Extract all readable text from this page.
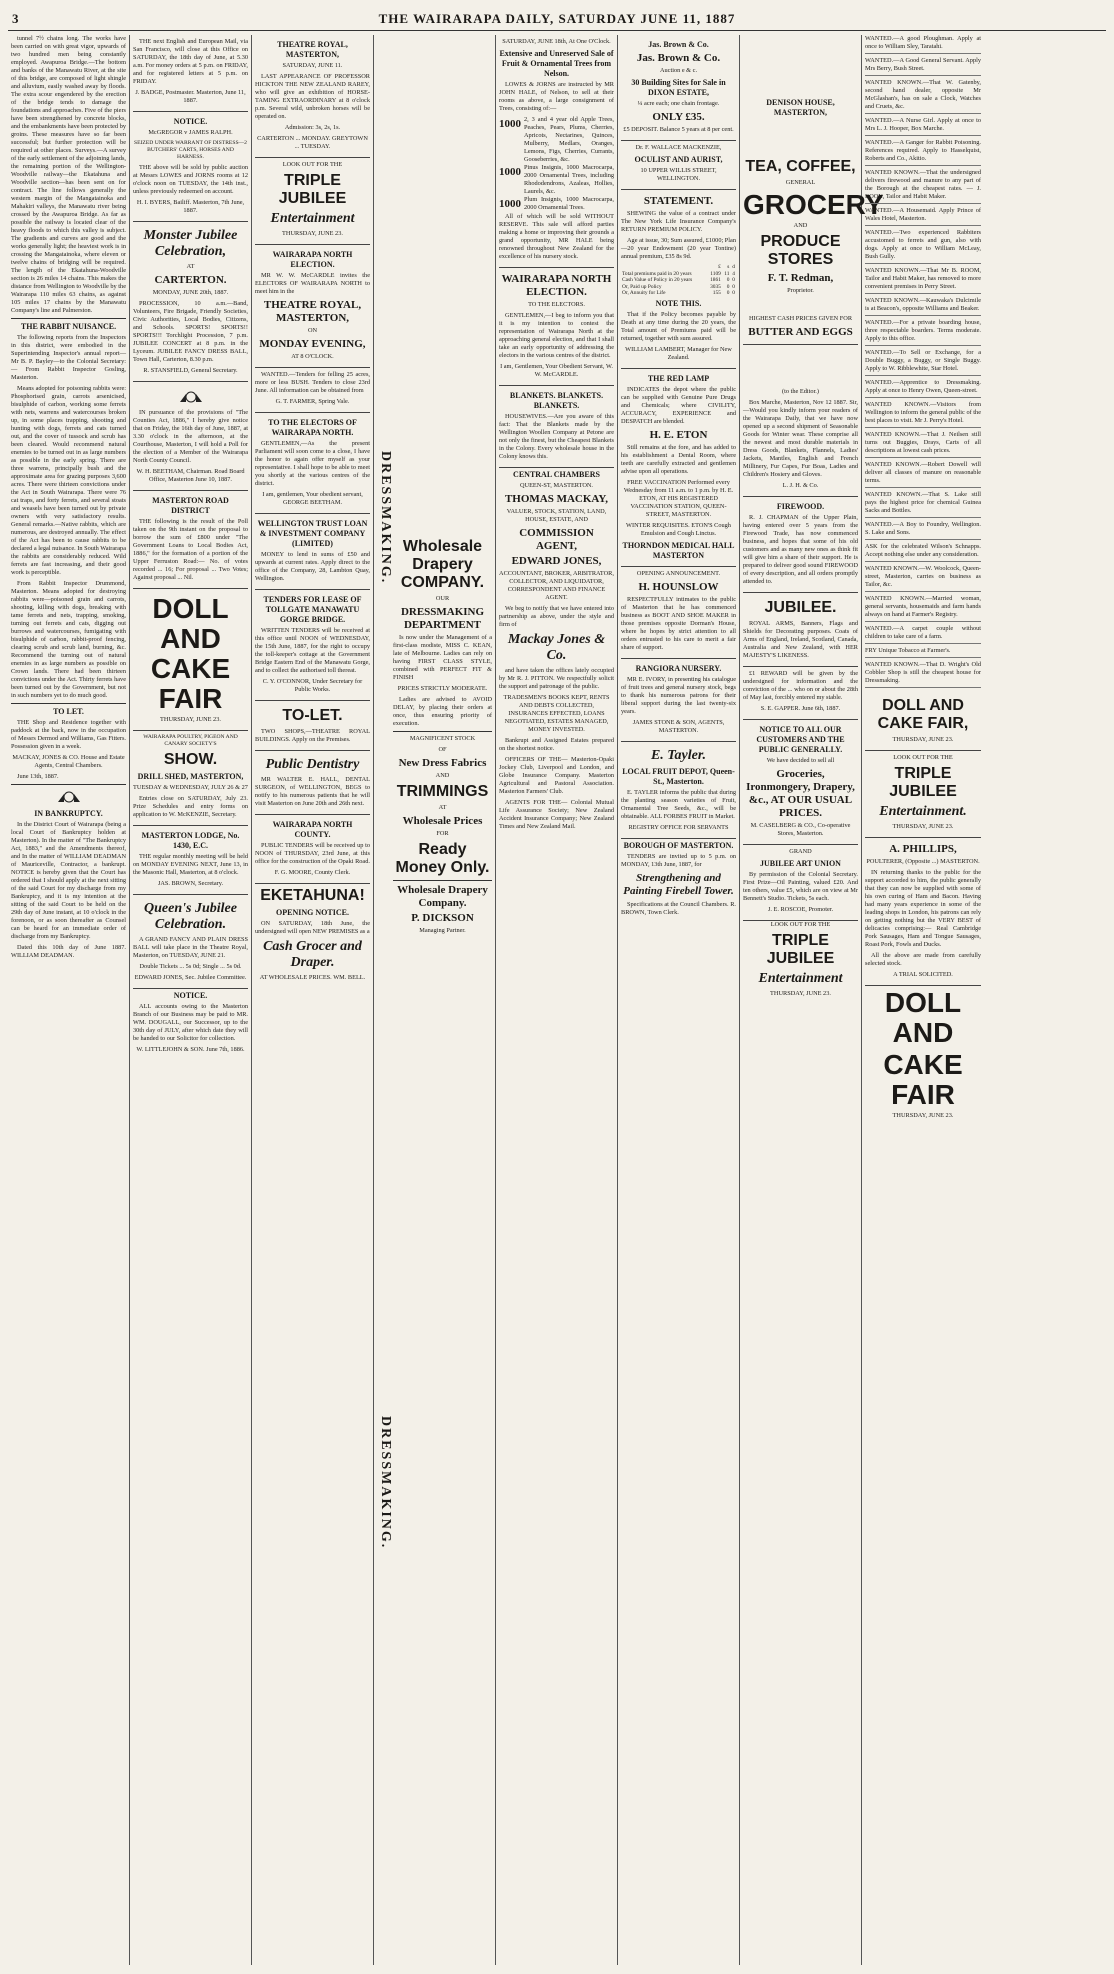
3	THE WAIRARAPA DAILY, SATURDAY JUNE 11, 1887

tunnel 7½ chains long. The works have been carried on with great vigor, upwards of two hundred men being constantly employed. Awapuroa Bridge.—The bottom and banks of the Manawatu River, at the site of this bridge, are composed of light shingle and alluvium, easily washed away by floods. The extra scour engendered by the erection of the bridge tends to damage the foundations and approaches. Five of the piers have been strengthened by concrete blocks, and the embankments have been protected by groins. These measures have so far been successful; but further protection will be required at other places. Surveys.—A survey of the early settlement of the adjoining lands, the remaining portion of the Wellington-Woodville railway—the Ekatahuna and Woodville section—has been sent on for contract. The line follows generally the western margin of the Mangatainoka and Mahakiri valleys, the Manawatu river being crossed by the Awapuroa Bridge. As far as possible the railway is located clear of the heavy floods to which this valley is subject. The gradients and curves are good and the works generally light; the heaviest work is in crossing the Mangatainoka, where eleven or twelve chains of bridging will be required. The length of the Ekatahuna-Woodville section is 26 miles 14 chains. This makes the distance from Wellington to Woodville by the Wairarapa 110 miles 63 chains, as against 105 miles 17 chains by the Manawatu Company's line and Palmerston.

THE RABBIT NUISANCE.

The following reports from the Inspectors in this district, were embodied in the Superintending Inspector's annual report—Mr B. P. Bayley—to the Colonial Secretary:— From Rabbit Inspector Gosling, Masterton.

Means adopted for poisoning rabbits were: Phosphorised grain, carrots arsenicised, bisulphide of carbon, working some ferrets with nets, warrens and watercourses broken up, in some places trapping, shooting and hunting with dogs, ferrets and cats turned out, and the cover of tussock and scrub has been cleared. Would recommend natural enemies to be turned out in as large numbers as possible in the early spring. There are three warrens, principally bush and the approximate area for grazing purposes 3,600 acres. There were thirteen convictions under the Act in South Wairarapa. There were 76 cat traps, and forty ferrets, and several stoats and weasels have been turned out by private owners with very satisfactory results. General remarks.—Native rabbits, which are numerous, are destroyed annually. The effect of the Act has been to cause rabbits to be declared a legal nuisance. In South Wairarapa the rabbits are considerably reduced. Wild ferrets are fast increasing, and their good work is perceptible.

From Rabbit Inspector Drummond, Masterton. Means adopted for destroying rabbits were—poisoned grain and carrots, shooting, killing with dogs, breaking with tame ferrets and nets, trapping, smoking, turning out ferrets and cats, digging out burrows and watercourses, fumigating with bisulphide of carbon, rabbit-proof fencing, clearing scrub and scrub land, burning, &c. Recommend the turning out of natural enemies in as large numbers as possible on Crown lands. There had been thirteen convictions under the Act. Thirty ferrets have been turned out by the Government, but not in such numbers yet to do much good.

TO LET.

THE Shop and Residence together with paddock at the back, now in the occupation of Messrs Dermod and Williams, Gas Fitters. Possession given in a week.

MACKAY, JONES & CO. House and Estate Agents, Central Chambers.

June 13th, 1887.

IN BANKRUPTCY.

In the District Court of Wairarapa (being a local Court of Bankruptcy holden at Masterton). In the matter of "The Bankruptcy Act, 1883," and the Amendments thereof, and In the matter of WILLIAM DEADMAN of Mauriceville, Contractor, a bankrupt. NOTICE is hereby given that the Court has ordered that I should apply at the next sitting of the said Court for my discharge from my Bankruptcy, and it is my intention at the sitting of the said Court to be held on the 29th day of June instant, at 10 o'clock in the forenoon, or as soon thereafter as Counsel can be heard for an immediate order of discharge from my Bankruptcy.

Dated this 10th day of June 1887. WILLIAM DEADMAN.

THE next English and European Mail, via San Francisco, will close at this Office on SATURDAY, the 18th day of June, at 5.30 a.m. For money orders at 5 p.m. on FRIDAY, and for registered letters at 5 p.m. on FRIDAY.

J. BADGE, Postmaster. Masterton, June 11, 1887.

NOTICE.

McGREGOR v JAMES RALPH.

SEIZED UNDER WARRANT OF DISTRESS—2 BUTCHERS' CARTS, HORSES AND HARNESS.

THE above will be sold by public auction at Messrs LOWES and JORNS rooms at 12 o'clock noon on TUESDAY, the 14th inst., unless previously redeemed on account.

H. I. BYERS, Bailiff. Masterton, 7th June, 1887.

Monster Jubilee Celebration,

AT

CARTERTON.

MONDAY, JUNE 20th, 1887.

PROCESSION, 10 a.m.—Band, Volunteers, Fire Brigade, Friendly Societies, Civic Authorities, Local Bodies, Citizens, and Schools. SPORTS! SPORTS!! SPORTS!!! Torchlight Procession, 7 p.m. JUBILEE CONCERT at 8 p.m. in the Lyceum. JUBILEE FANCY DRESS BALL, Town Hall, Carterton, 8.30 p.m.

R. STANSFIELD, General Secretary.

IN pursuance of the provisions of "The Counties Act, 1886," I hereby give notice that on Friday, the 16th day of June, 1887, at 3.30 o'clock in the afternoon, at the Courthouse, Masterton, I will hold a Poll for the election of a Member of the Wairarapa North County Council.

W. H. BEETHAM, Chairman. Road Board Office, Masterton June 10, 1887.

MASTERTON ROAD DISTRICT

THE following is the result of the Poll taken on the 9th instant on the proposal to borrow the sum of £800 under "The Government Loans to Local Bodies Act, 1886," for the formation of a portion of the Upper Ferruston Road:— No. of votes recorded ... 16; For proposal ... Two Votes; Against proposal ... Nil.

DOLL AND CAKE FAIR

THURSDAY, JUNE 23.

WAIRARAPA POULTRY, PIGEON AND CANARY SOCIETY'S

SHOW.
DRILL SHED, MASTERTON,

TUESDAY & WEDNESDAY, JULY 26 & 27

Entries close on SATURDAY, July 23. Prize Schedules and entry forms on application to W. McKENZIE, Secretary.

MASTERTON LODGE, No. 1430, E.C.

THE regular monthly meeting will be held on MONDAY EVENING NEXT, June 13, in the Masonic Hall, Masterton, at 8 o'clock.

JAS. BROWN, Secretary.

Queen's Jubilee Celebration.

A GRAND FANCY AND PLAIN DRESS BALL will take place in the Theatre Royal, Masterton, on TUESDAY, JUNE 21.

Double Tickets ... 5s 0d; Single ... 5s 0d.

EDWARD JONES, Sec. Jubilee Committee.

NOTICE.

ALL accounts owing to the Masterton Branch of our Business may be paid to MR. WM. DOUGALL, our Successor, up to the 30th day of JULY, after which date they will be handed to our Solicitor for collection.

W. LITTLEJOHN & SON. June 7th, 1886.

THEATRE ROYAL, MASTERTON,

SATURDAY, JUNE 11.

LAST APPEARANCE OF PROFESSOR HICKTON THE NEW ZEALAND RAREY, who will give an exhibition of HORSE-TAMING EXTRAORDINARY at 8 o'clock p.m. Several wild, unbroken horses will be operated on.

Admission: 3s, 2s, 1s.

CARTERTON ... MONDAY. GREYTOWN ... TUESDAY.

LOOK OUT FOR THE

TRIPLE JUBILEE
Entertainment

THURSDAY, JUNE 23.

WAIRARAPA NORTH ELECTION.

MR W. W. McCARDLE invites the ELECTORS OF WAIRARAPA NORTH to meet him in the

THEATRE ROYAL, MASTERTON,

ON

MONDAY EVENING,

AT 8 O'CLOCK.

WANTED.—Tenders for felling 25 acres, more or less BUSH. Tenders to close 23rd June. All information can be obtained from

G. T. FARMER, Spring Vale.

TO THE ELECTORS OF WAIRARAPA NORTH.

GENTLEMEN,—As the present Parliament will soon come to a close, I have the honor to again offer myself as your representative. I shall hope to be able to meet you shortly at the various centres of the district.

I am, gentlemen, Your obedient servant, GEORGE BEETHAM.

WELLINGTON TRUST LOAN & INVESTMENT COMPANY (LIMITED)

MONEY to lend in sums of £50 and upwards at current rates. Apply direct to the office of the Company, 28, Lambton Quay, Wellington.

TENDERS FOR LEASE OF TOLLGATE MANAWATU GORGE BRIDGE.

WRITTEN TENDERS will be received at this office until NOON of WEDNESDAY, the 15th June, 1887, for the right to occupy the toll-keeper's cottage at the Government Bridge Eastern End of the Manawatu Gorge, and to collect the authorised toll thereat.

C. Y. O'CONNOR, Under Secretary for Public Works.

TO-LET.

TWO SHOPS,—THEATRE ROYAL BUILDINGS. Apply on the Premises.

Public Dentistry

MR WALTER E. HALL, DENTAL SURGEON, of WELLINGTON, BEGS to notify to his numerous patients that he will visit Masterton on June 20th and 26th next.

WAIRARAPA NORTH COUNTY.

PUBLIC TENDERS will be received up to NOON of THURSDAY, 23rd June, at this office for the construction of the Opaki Road.

F. G. MOORE, County Clerk.

EKETAHUNA!
OPENING NOTICE.

ON SATURDAY, 18th June, the undersigned will open NEW PREMISES as a

Cash Grocer and Draper.

AT WHOLESALE PRICES. WM. BELL.

DRESSMAKING.
DRESSMAKING.
Wholesale Drapery COMPANY.

OUR

DRESSMAKING DEPARTMENT

Is now under the Management of a first-class modiste, MISS C. KEAN, late of Melbourne. Ladies can rely on having FIRST CLASS STYLE, combined with PERFECT FIT & FINISH

PRICES STRICTLY MODERATE.

Ladies are advised to AVOID DELAY, by placing their orders at once, thus ensuring priority of execution.

MAGNIFICENT STOCK

OF

New Dress Fabrics

AND

TRIMMINGS

AT

Wholesale Prices

FOR

Ready Money Only.
Wholesale Drapery Company.
P. DICKSON

Managing Partner.

SATURDAY, JUNE 18th, At One O'Clock.

Extensive and Unreserved Sale of Fruit & Ornamental Trees from Nelson.

LOWES & JORNS are instructed by MR JOHN HALE, of Nelson, to sell at their rooms as above, a large consignment of Trees, consisting of:—

1000 2, 3 and 4 year old Apple Trees, Peaches, Pears, Plums, Cherries, Apricots, Nectarines, Quinces, Mulberry, Medlars, Oranges, Lemons, Figs, Cherries, Currants, Gooseberries, &c.
1000 Pinus Insignis, 1000 Macrocarpa, 2000 Ornamental Trees, including Rhododendrons, Azaleas, Hollies, Laurels, &c.
1000 Plum Insignis, 1000 Macrocarpa, 2000 Ornamental Trees.

All of which will be sold WITHOUT RESERVE. This sale will afford parties making a home or improving their grounds a grand opportunity, MR HALE being renowned throughout New Zealand for the excellence of his nursery stock.

WAIRARAPA NORTH ELECTION.

TO THE ELECTORS.

GENTLEMEN,—I beg to inform you that it is my intention to contest the representation of Wairarapa North at the approaching general election, and that I shall take an early opportunity of addressing the electors in the various centres of the district.

I am, Gentlemen, Your Obedient Servant, W. W. McCARDLE.

BLANKETS. BLANKETS. BLANKETS.

HOUSEWIVES.—Are you aware of this fact: That the Blankets made by the Wellington Woollen Company at Petone are not only the finest, but the Cheapest Blankets in the Colony. Every wholesale house in the Colony knows this.

CENTRAL CHAMBERS

QUEEN-ST, MASTERTON.

THOMAS MACKAY,

VALUER, STOCK, STATION, LAND, HOUSE, ESTATE, AND

COMMISSION AGENT,
EDWARD JONES,

ACCOUNTANT, BROKER, ARBITRATOR, COLLECTOR, AND LIQUIDATOR, CORRESPONDENT AND FINANCE AGENT.

We beg to notify that we have entered into partnership as above, under the style and firm of

Mackay Jones & Co.

and have taken the offices lately occupied by Mr R. J. PITTON. We respectfully solicit the support and patronage of the public.

TRADESMEN'S BOOKS KEPT, RENTS AND DEBTS COLLECTED, INSURANCES EFFECTED, LOANS NEGOTIATED, ESTATES MANAGED, MONEY INVESTED.

Bankrupt and Assigned Estates prepared on the shortest notice.

OFFICERS OF THE— Masterton-Opaki Jockey Club, Liverpool and London, and Globe Insurance Company. Masterton Agricultural and Pastoral Association. Masterton Farmers' Club.

AGENTS FOR THE— Colonial Mutual Life Assurance Society; New Zealand Accident Insurance Company; New Zealand Times and New Zealand Mail.

Jas. Brown & Co.
Jas. Brown & Co.

Auction e & c.

30 Building Sites for Sale in DIXON ESTATE,

¼ acre each; one chain frontage.

ONLY £35.

£5 DEPOSIT. Balance 5 years at 8 per cent.

Dr. F. WALLACE MACKENZIE,

OCULIST AND AURIST,

10 UPPER WILLIS STREET, WELLINGTON.

STATEMENT.

SHEWING the value of a contract under The New York Life Insurance Company's RETURN PREMIUM POLICY.

Age at issue, 30; Sum assured, £1000; Plan—20 year Endowment (20 year Tontine) annual premium, £35 8s 9d.

	£	s	d
Total premiums paid in 20 years	1109	11	4
Cash Value of Policy in 20 years	1861	0	0
Or, Paid up Policy	3035	0	0
Or, Annuity for Life	155	0	0
NOTE THIS.

That if the Policy becomes payable by Death at any time during the 20 years, the Total amount of Premiums paid will be returned, together with sum assured.

WILLIAM LAMBERT, Manager for New Zealand.

THE RED LAMP

INDICATES the depot where the public can be supplied with Genuine Pure Drugs and Chemicals; where CIVILITY, ACCURACY, EXPERIENCE and DESPATCH are blended.

H. E. ETON

Still remains at the fore, and has added to his establishment a Dental Room, where teeth are carefully extracted and gentlemen advise upon all operations.

FREE VACCINATION Performed every Wednesday from 11 a.m. to 1 p.m. by H. E. ETON, AT HIS REGISTERED VACCINATION STATION, QUEEN-STREET, MASTERTON.

WINTER REQUISITES. ETON'S Cough Emulsion and Cough Linctus.

THORNDON MEDICAL HALL MASTERTON

OPENING ANNOUNCEMENT.

H. HOUNSLOW

RESPECTFULLY intimates to the public of Masterton that he has commenced business as BOOT AND SHOE MAKER in those premises opposite Dorman's House, where he hopes by strict attention to all orders entrusted to his care to merit a fair share of support.

RANGIORA NURSERY.

MR E. IVORY, in presenting his catalogue of fruit trees and general nursery stock, begs to thank his numerous patrons for their liberal support during the last twenty-six years.

JAMES STONE & SON, AGENTS, MASTERTON.

E. Tayler.
LOCAL FRUIT DEPOT, Queen-St., Masterton.

E. TAYLER informs the public that during the planting season varieties of Fruit, Ornamental Tree Seeds, &c., will be obtainable. ALL FORBES FRUIT in Market.

REGISTRY OFFICE FOR SERVANTS

BOROUGH OF MASTERTON.

TENDERS are invited up to 5 p.m. on MONDAY, 13th June, 1887, for

Strengthening and Painting Firebell Tower.

Specifications at the Council Chambers. R. BROWN, Town Clerk.

DENISON HOUSE, MASTERTON,
TEA, COFFEE,

GENERAL

GROCERY

AND

PRODUCE STORES
F. T. Redman,

Proprietor.

HIGHEST CASH PRICES GIVEN FOR

BUTTER AND EGGS

(to the Editor.)

Box Marche, Masterton, Nov 12 1887. Sir,—Would you kindly inform your readers of the Wairarapa Daily, that we have now opened up a second shipment of Seasonable Goods for Winter wear. These comprise all the newest and most durable materials in Dress Goods, Blankets, Flannels, Ladies' Jackets, Mantles, English and French Millinery, Fur Capes, Fur Boas, Ladies and Children's Hosiery and Gloves.

L. J. H. & Co.

FIREWOOD.

R. J. CHAPMAN of the Upper Plain, having entered over 5 years from the Firewood Trade, has now commenced business, and hopes that some of his old customers and as many new ones as think fit will give him a share of their support. He is prepared to deliver good sound FIREWOOD of every description, and all orders promptly attended to.

JUBILEE.

ROYAL ARMS, Banners, Flags and Shields for Decorating purposes. Coats of Arms of England, Ireland, Scotland, Canada, Australia and New Zealand, with HER MAJESTY'S LIKENESS.

£1 REWARD will be given by the undersigned for information and the conviction of the ... who on or about the 28th of May last, forcibly entered my stable.

S. E. GAPPER. June 6th, 1887.

NOTICE TO ALL OUR CUSTOMERS AND THE PUBLIC GENERALLY.

We have decided to sell all

Groceries, Ironmongery, Drapery, &c., AT OUR USUAL PRICES.

M. CASELBERG & CO., Co-operative Stores, Masterton.

GRAND

JUBILEE ART UNION

By permission of the Colonial Secretary. First Prize—Oil Painting, valued £20. And ten others, value £5, which are on view at Mr Bennett's Studio. Tickets, 5s each.

J. E. ROSCOE, Promoter.

LOOK OUT FOR THE

TRIPLE JUBILEE
Entertainment

THURSDAY, JUNE 23.

WANTED.—A good Ploughman. Apply at once to William Sley, Taratahi.

WANTED.—A Good General Servant. Apply Mrs Berry, Bush Street.

WANTED KNOWN.—That W. Gatenby, second hand dealer, opposite Mr McGlashan's, has on sale a Clock, Watches and Cruets, &c.

WANTED.—A Nurse Girl. Apply at once to Mrs L. J. Hooper, Box Marche.

WANTED.—A Ganger for Rabbit Poisoning. References required. Apply to Hasselquist, Roberts and Co., Akitio.

WANTED KNOWN.—That the undersigned delivers firewood and manure to any part of the Borough at the cheapest rates. — J. BOON, Tailor and Habit Maker.

WANTED.—A Housemaid. Apply Prince of Wales Hotel, Masterton.

WANTED.—Two experienced Rabbiters accustomed to ferrets and gun, also with dogs. Apply at once to William McLeay, Bush Gully.

WANTED KNOWN.—That Mr B. ROOM, Tailor and Habit Maker, has removed to more convenient premises in Perry Street.

WANTED KNOWN.—Kauwaka's Dulcimile is at Beacon's, opposite Williams and Beaker.

WANTED.—For a private boarding house, three respectable boarders. Terms moderate. Apply to this office.

WANTED.—To Sell or Exchange, for a Double Buggy, a Buggy, or Single Buggy. Apply to W. Ribblewhite, Star Hotel.

WANTED.—Apprentice to Dressmaking. Apply at once to Henry Owen, Queen-street.

WANTED KNOWN.—Visitors from Wellington to inform the general public of the best places to visit. Mr J. Perry's Hotel.

WANTED KNOWN.—That J. Neilsen still turns out Buggies, Drays, Carts of all descriptions at lowest cash prices.

WANTED KNOWN.—Robert Dowell will deliver all classes of manure on reasonable terms.

WANTED KNOWN.—That S. Lake still pays the highest price for chemical Guinea Sacks and Bottles.

WANTED.—A Boy to Foundry, Wellington. S. Lake and Sons.

ASK for the celebrated Wilson's Schnapps. Accept nothing else under any consideration.

WANTED KNOWN.—W. Woolcock, Queen-street, Masterton, carries on business as Tailor, &c.

WANTED KNOWN.—Married woman, general servants, housemaids and farm hands always on hand at Farmer's Registry.

WANTED.—A carpet couple without children to take care of a farm.

FRY Unique Tobacco at Farmer's.

WANTED KNOWN.—That D. Wright's Old Cobbler Shop is still the cheapest house for Dressmaking.

DOLL AND CAKE FAIR,

THURSDAY, JUNE 23.

LOOK OUT FOR THE

TRIPLE JUBILEE
Entertainment.

THURSDAY, JUNE 23.

A. PHILLIPS,

POULTERER, (Opposite ...) MASTERTON.

IN returning thanks to the public for the support accorded to him, the public generally that they can now be supplied with some of his own curing of Ham and Bacon. Having had many years experience in some of the leading shops in London, his patrons can rely on getting nothing but the VERY BEST of delicacies comprising:— Real Cambridge Pork Sausages, Ham and Tongue Sausages, Roast Pork, Fowls and Ducks.

All the above are made from carefully selected stock.

A TRIAL SOLICITED.

DOLL AND
CAKE FAIR

THURSDAY, JUNE 23.
